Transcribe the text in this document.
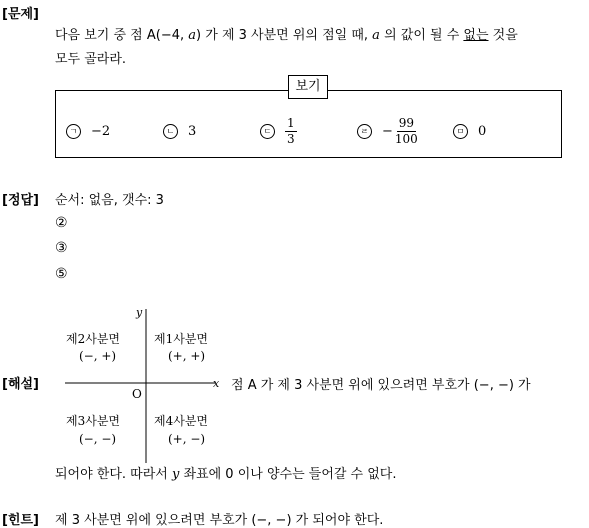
[문제]
다음 보기 중 점 A(−4, a) 가 제 3 사분면 위의 점일 때, a 의 값이 될 수 없는 것을
모두 골라라.
보기
ㄱ −2	ㄴ 3	ㄷ	$\frac{1}{3}$	ㄹ − $\frac{99}{100}$	ㅁ 0
[정답] 순서: 없음, 갯수: 3
②
③
⑤
[해설]
y
x
O
제2사분면
(−, +)
제1사분면
(+, +)
제3사분면
(−, −)
제4사분면
(+, −)
점 A 가 제 3 사분면 위에 있으려면 부호가 (−, −) 가
되어야 한다. 따라서 y 좌표에 0 이나 양수는 들어갈 수 없다.
[힌트] 제 3 사분면 위에 있으려면 부호가 (−, −) 가 되어야 한다.
